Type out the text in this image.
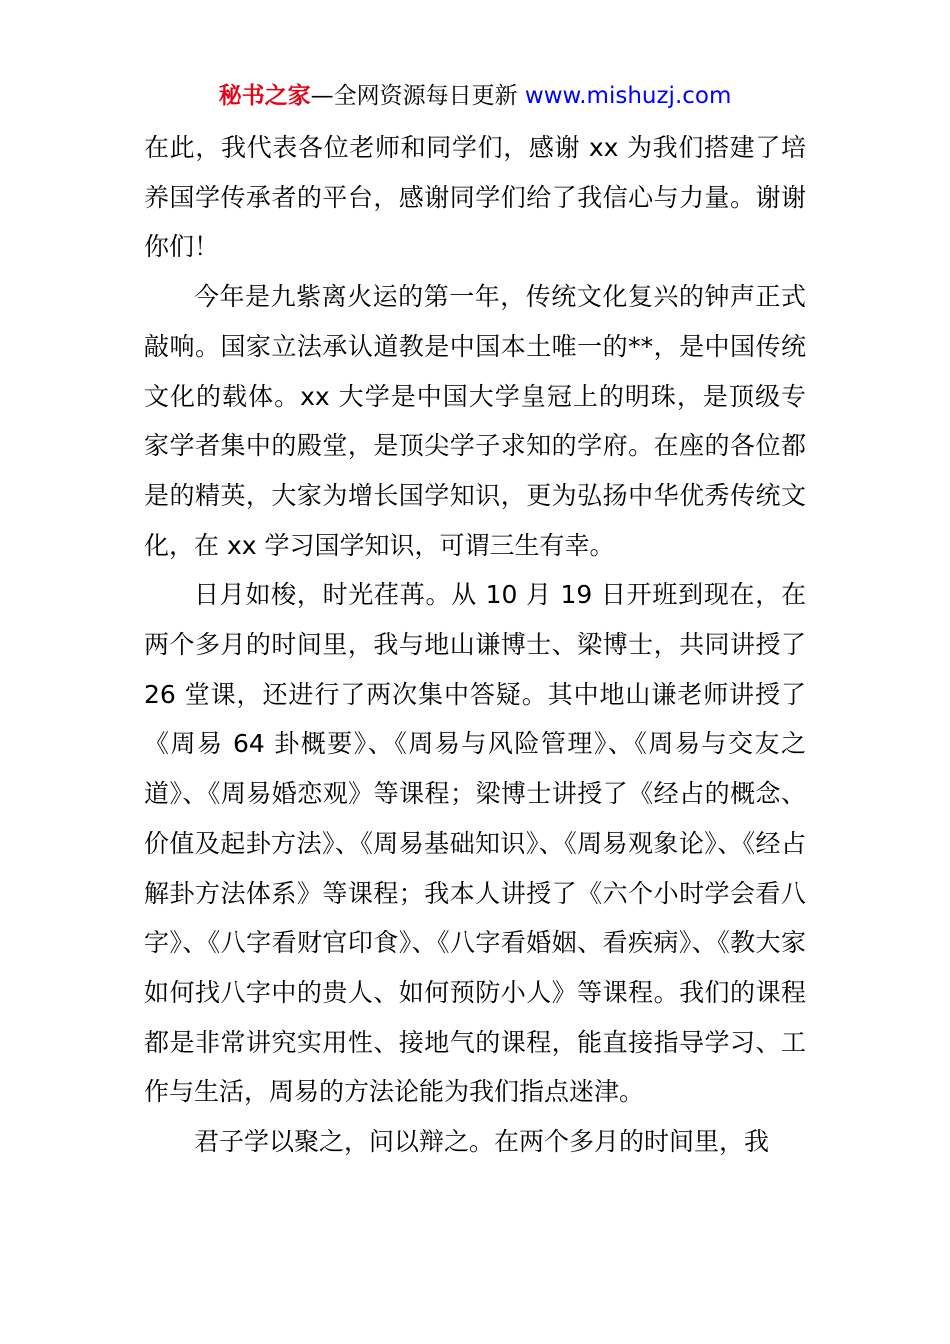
秘书之家—全网资源每日更新 www.mishuzj.com

在此，我代表各位老师和同学们，感谢 xx 为我们搭建了培养国学传承者的平台，感谢同学们给了我信心与力量。谢谢你们！

今年是九紫离火运的第一年，传统文化复兴的钟声正式敲响。国家立法承认道教是中国本土唯一的**，是中国传统文化的载体。xx 大学是中国大学皇冠上的明珠，是顶级专家学者集中的殿堂，是顶尖学子求知的学府。在座的各位都是的精英，大家为增长国学知识，更为弘扬中华优秀传统文化，在 xx 学习国学知识，可谓三生有幸。

日月如梭，时光荏苒。从 10 月 19 日开班到现在，在两个多月的时间里，我与地山谦博士、梁博士，共同讲授了 26 堂课，还进行了两次集中答疑。其中地山谦老师讲授了《周易 64 卦概要》、《周易与风险管理》、《周易与交友之道》、《周易婚恋观》等课程；梁博士讲授了《经占的概念、价值及起卦方法》、《周易基础知识》、《周易观象论》、《经占解卦方法体系》等课程；我本人讲授了《六个小时学会看八字》、《八字看财官印食》、《八字看婚姻、看疾病》、《教大家如何找八字中的贵人、如何预防小人》等课程。我们的课程都是非常讲究实用性、接地气的课程，能直接指导学习、工作与生活，周易的方法论能为我们指点迷津。

君子学以聚之，问以辩之。在两个多月的时间里，我
